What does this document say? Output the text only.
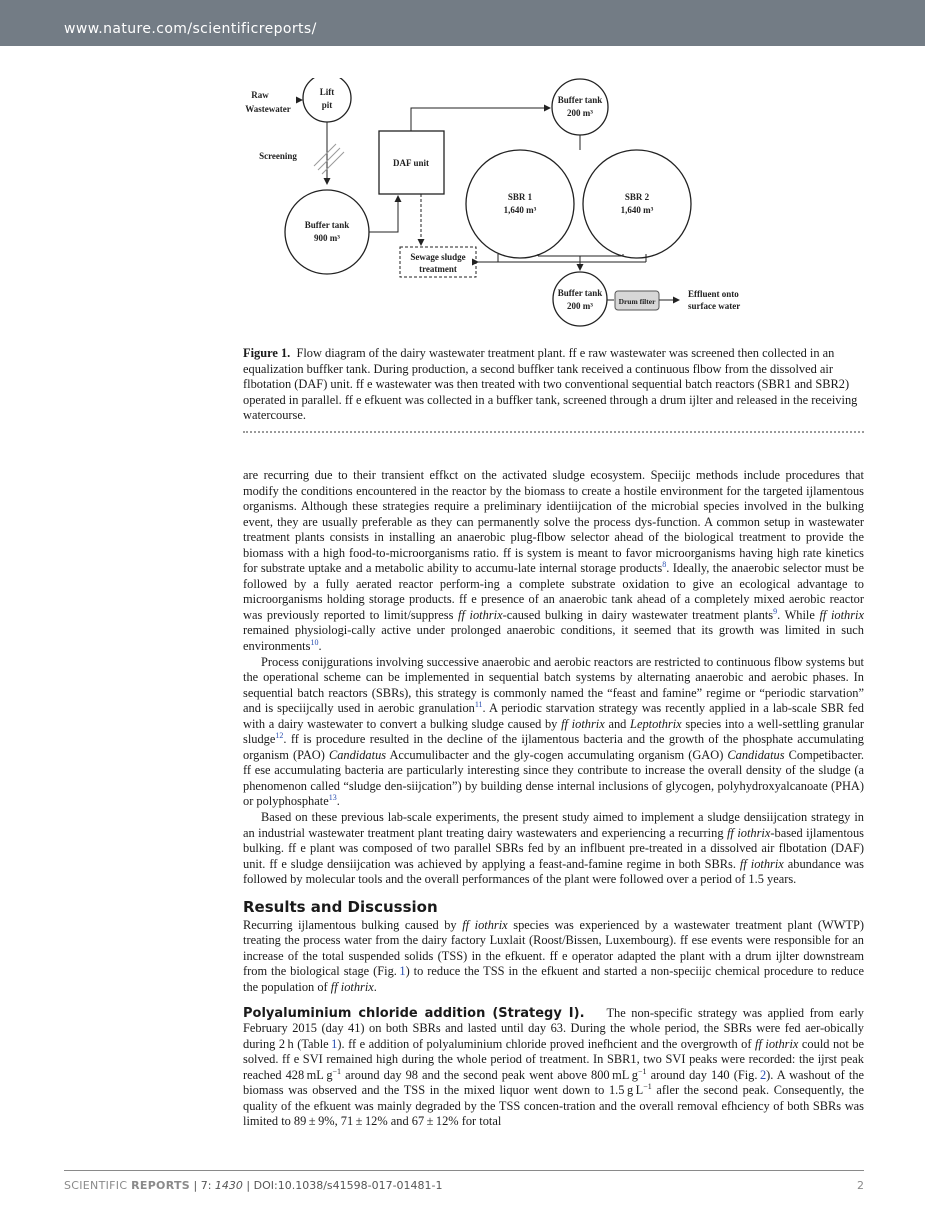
www.nature.com/scientificreports/
Raw
Wastewater
Lift
pit
Screening
Buffer tank
900 m³
DAF unit
Sewage sludge
treatment
Buffer tank
200 m³
SBR 1
1,640 m³
SBR 2
1,640 m³
Buffer tank
200 m³	Drum filter
Effluent onto
surface water
Figure 1. Flow diagram of the dairy wastewater treatment plant. ff e raw wastewater was screened then collected in an equalization buffker tank. During production, a second buffker tank received a continuous flbow from the dissolved air flbotation (DAF) unit. ff e wastewater was then treated with two conventional sequential batch reactors (SBR1 and SBR2) operated in parallel. ff e efkuent was collected in a buffker tank, screened through a drum ijlter and released in the receiving watercourse.

are recurring due to their transient effkct on the activated sludge ecosystem. Speciijc methods include procedures that modify the conditions encountered in the reactor by the biomass to create a hostile environment for the targeted ijlamentous organisms. Although these strategies require a preliminary identiijcation of the microbial species involved in the bulking event, they are usually preferable as they can permanently solve the process dys-function. A common setup in wastewater treatment plants consists in installing an anaerobic plug-flbow selector ahead of the biological treatment to provide the biomass with a high food-to-microorganisms ratio. ff is system is meant to favor microorganisms having high rate kinetics for substrate uptake and a metabolic ability to accumu-late internal storage products$^8$. Ideally, the anaerobic selector must be followed by a fully aerated reactor perform-ing a complete substrate oxidation to give an ecological advantage to microorganisms holding storage products. ff e presence of an anaerobic tank ahead of a completely mixed aerobic reactor was previously reported to limit/suppress ff iothrix-caused bulking in dairy wastewater treatment plants$^9$. While ff iothrix remained physiologi-cally active under prolonged anaerobic conditions, it seemed that its growth was limited in such environments$^{10}$.

Process conijgurations involving successive anaerobic and aerobic reactors are restricted to continuous flbow systems but the operational scheme can be implemented in sequential batch systems by alternating anaerobic and aerobic phases. In sequential batch reactors (SBRs), this strategy is commonly named the “feast and famine” regime or “periodic starvation” and is speciijcally used in aerobic granulation$^{11}$. A periodic starvation strategy was recently applied in a lab-scale SBR fed with a dairy wastewater to convert a bulking sludge caused by ff iothrix and Leptothrix species into a well-settling granular sludge$^{12}$. ff is procedure resulted in the decline of the ijlamentous bacteria and the growth of the phosphate accumulating organism (PAO) Candidatus Accumulibacter and the gly-cogen accumulating organism (GAO) Candidatus Competibacter. ff ese accumulating bacteria are particularly interesting since they contribute to increase the overall density of the sludge (a phenomenon called “sludge den-siijcation”) by building dense internal inclusions of glycogen, polyhydroxyalcanoate (PHA) or polyphosphate$^{13}$.

Based on these previous lab-scale experiments, the present study aimed to implement a sludge densiijcation strategy in an industrial wastewater treatment plant treating dairy wastewaters and experiencing a recurring ff iothrix-based ijlamentous bulking. ff e plant was composed of two parallel SBRs fed by an inflbuent pre-treated in a dissolved air flbotation (DAF) unit. ff e sludge densiijcation was achieved by applying a feast-and-famine regime in both SBRs. ff iothrix abundance was followed by molecular tools and the overall performances of the plant were followed over a period of 1.5 years.

Results and Discussion

Recurring ijlamentous bulking caused by ff iothrix species was experienced by a wastewater treatment plant (WWTP) treating the process water from the dairy factory Luxlait (Roost/Bissen, Luxembourg). ff ese events were responsible for an increase of the total suspended solids (TSS) in the efkuent. ff e operator adapted the plant with a drum ijlter downstream from the biological stage (Fig. 1) to reduce the TSS in the efkuent and started a non-speciijc chemical procedure to reduce the population of ff iothrix.

Polyaluminium chloride addition (Strategy I). The non-specific strategy was applied from early February 2015 (day 41) on both SBRs and lasted until day 63. During the whole period, the SBRs were fed aer-obically during 2 h (Table 1). ff e addition of polyaluminium chloride proved inefhcient and the overgrowth of ff iothrix could not be solved. ff e SVI remained high during the whole period of treatment. In SBR1, two SVI peaks were recorded: the ijrst peak reached 428 mL $g^{-1}$ around day 98 and the second peak went above 800 mL $g^{-1}$ around day 140 (Fig. 2). A washout of the biomass was observed and the TSS in the mixed liquor went down to 1.5 g $L^{-1}$ afler the second peak. Consequently, the quality of the efkuent was mainly degraded by the TSS concen-tration and the overall removal efhciency of both SBRs was limited to 89 ± 9%, 71 ± 12% and 67 ± 12% for total

SCIENTIFIC REPORTS | 7: 1430 | DOI:10.1038/s41598-017-01481-1	2
